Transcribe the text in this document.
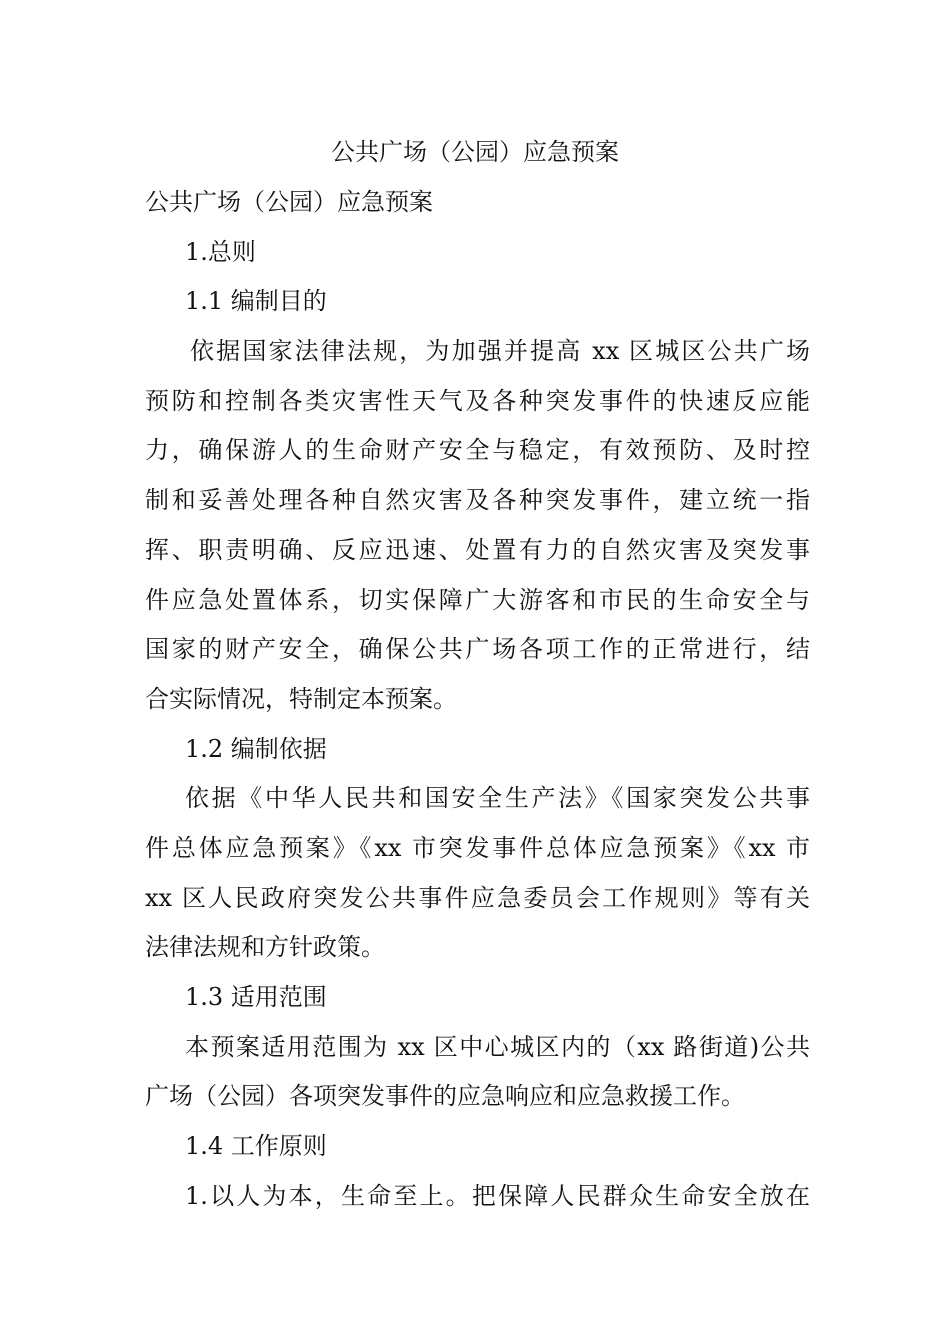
公共广场（公园）应急预案
公共广场（公园）应急预案
1.总则
1.1 编制目的
依据国家法律法规，为加强并提高 xx 区城区公共广场
预防和控制各类灾害性天气及各种突发事件的快速反应能
力，确保游人的生命财产安全与稳定，有效预防、及时控
制和妥善处理各种自然灾害及各种突发事件，建立统一指
挥、职责明确、反应迅速、处置有力的自然灾害及突发事
件应急处置体系，切实保障广大游客和市民的生命安全与
国家的财产安全，确保公共广场各项工作的正常进行，结
合实际情况，特制定本预案。
1.2 编制依据
依据《中华人民共和国安全生产法》《国家突发公共事
件总体应急预案》《xx 市突发事件总体应急预案》《xx 市
xx 区人民政府突发公共事件应急委员会工作规则》等有关
法律法规和方针政策。
1.3 适用范围
本预案适用范围为 xx 区中心城区内的（xx 路街道)公共
广场（公园）各项突发事件的应急响应和应急救援工作。
1.4 工作原则
1.以人为本，生命至上。把保障人民群众生命安全放在
